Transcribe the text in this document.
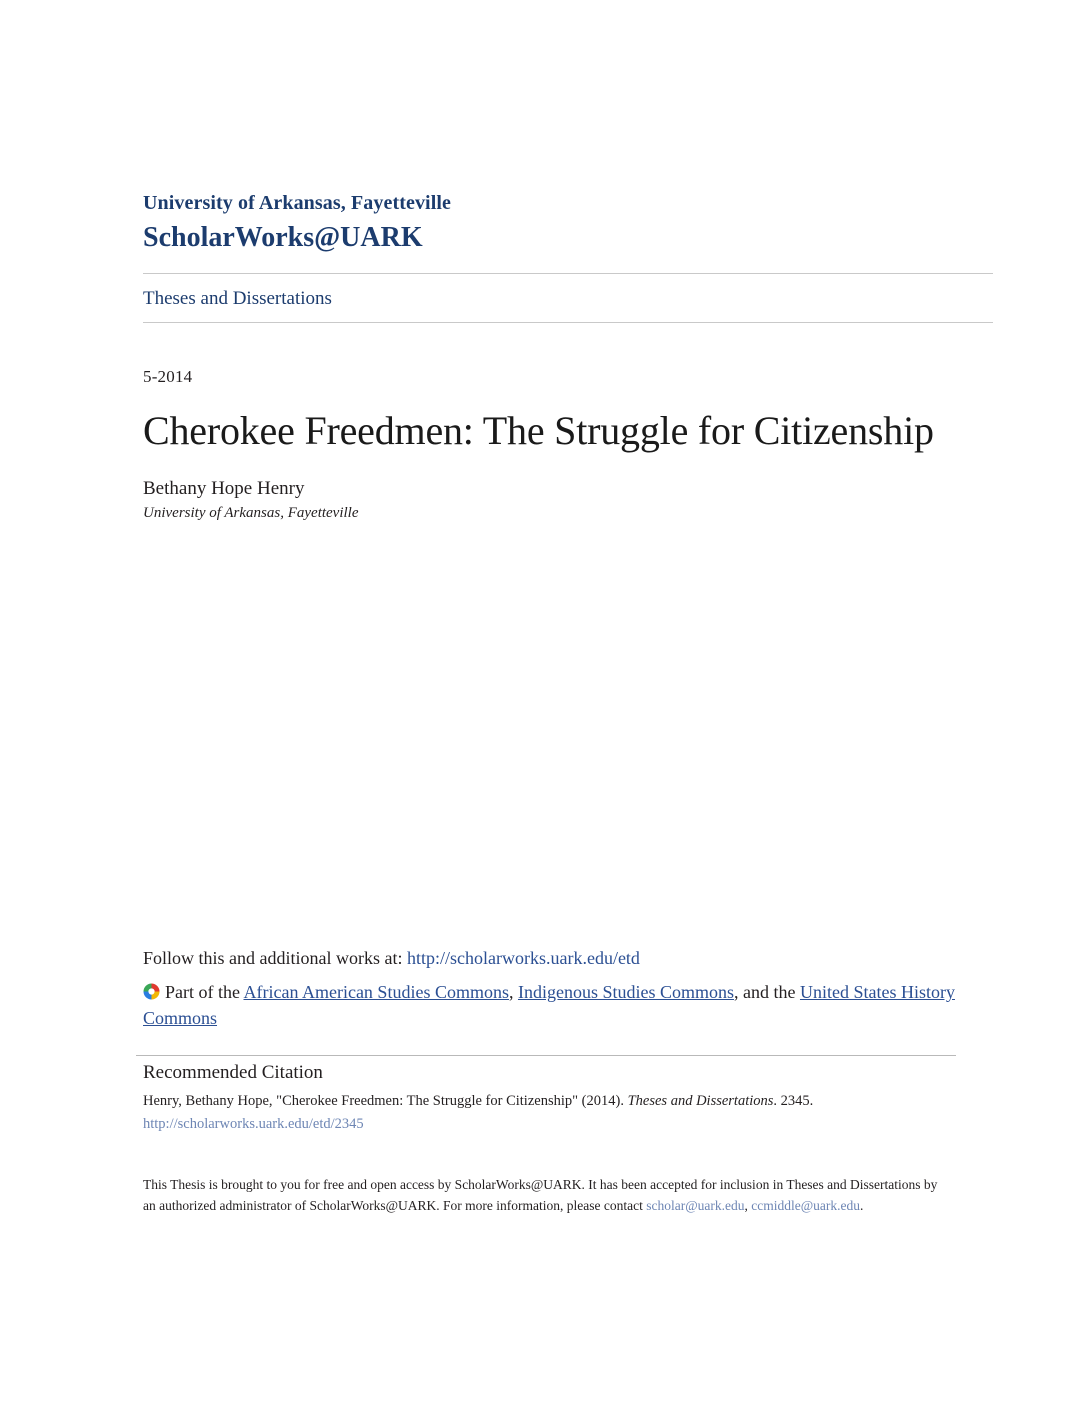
University of Arkansas, Fayetteville
ScholarWorks@UARK
Theses and Dissertations
5-2014
Cherokee Freedmen: The Struggle for Citizenship
Bethany Hope Henry
University of Arkansas, Fayetteville
Follow this and additional works at: http://scholarworks.uark.edu/etd
Part of the African American Studies Commons, Indigenous Studies Commons, and the United States History Commons
Recommended Citation
Henry, Bethany Hope, "Cherokee Freedmen: The Struggle for Citizenship" (2014). Theses and Dissertations. 2345.
http://scholarworks.uark.edu/etd/2345
This Thesis is brought to you for free and open access by ScholarWorks@UARK. It has been accepted for inclusion in Theses and Dissertations by an authorized administrator of ScholarWorks@UARK. For more information, please contact scholar@uark.edu, ccmiddle@uark.edu.
